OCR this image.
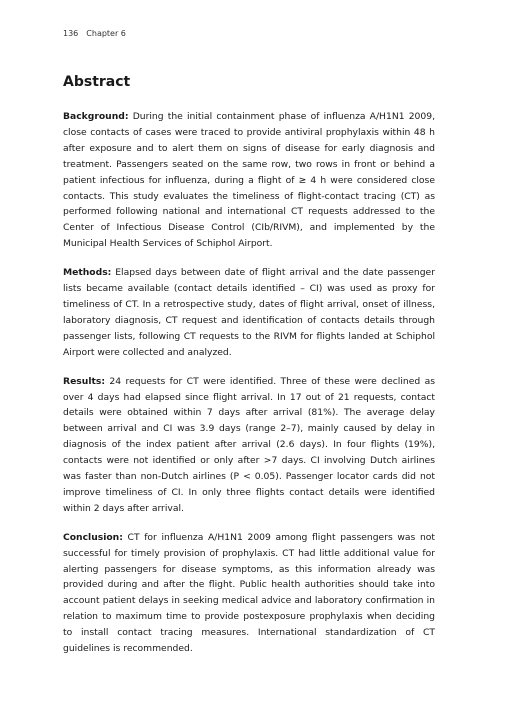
136 Chapter 6
Abstract

Background: During the initial containment phase of influenza A/H1N1 2009, close contacts of cases were traced to provide antiviral prophylaxis within 48 h after exposure and to alert them on signs of disease for early diagnosis and treatment. Passengers seated on the same row, two rows in front or behind a patient infectious for influenza, during a flight of ≥ 4 h were considered close contacts. This study evaluates the timeliness of flight-contact tracing (CT) as performed following national and international CT requests addressed to the Center of Infectious Disease Control (CIb/RIVM), and implemented by the Municipal Health Services of Schiphol Airport.

Methods: Elapsed days between date of flight arrival and the date passenger lists became available (contact details identified – CI) was used as proxy for timeliness of CT. In a retrospective study, dates of flight arrival, onset of illness, laboratory diagnosis, CT request and identification of contacts details through passenger lists, following CT requests to the RIVM for flights landed at Schiphol Airport were collected and analyzed.

Results: 24 requests for CT were identified. Three of these were declined as over 4 days had elapsed since flight arrival. In 17 out of 21 requests, contact details were obtained within 7 days after arrival (81%). The average delay between arrival and CI was 3.9 days (range 2–7), mainly caused by delay in diagnosis of the index patient after arrival (2.6 days). In four flights (19%), contacts were not identified or only after >7 days. CI involving Dutch airlines was faster than non-Dutch airlines (P < 0.05). Passenger locator cards did not improve timeliness of CI. In only three flights contact details were identified within 2 days after arrival.

Conclusion: CT for influenza A/H1N1 2009 among flight passengers was not successful for timely provision of prophylaxis. CT had little additional value for alerting passengers for disease symptoms, as this information already was provided during and after the flight. Public health authorities should take into account patient delays in seeking medical advice and laboratory confirmation in relation to maximum time to provide postexposure prophylaxis when deciding to install contact tracing measures. International standardization of CT guidelines is recommended.
